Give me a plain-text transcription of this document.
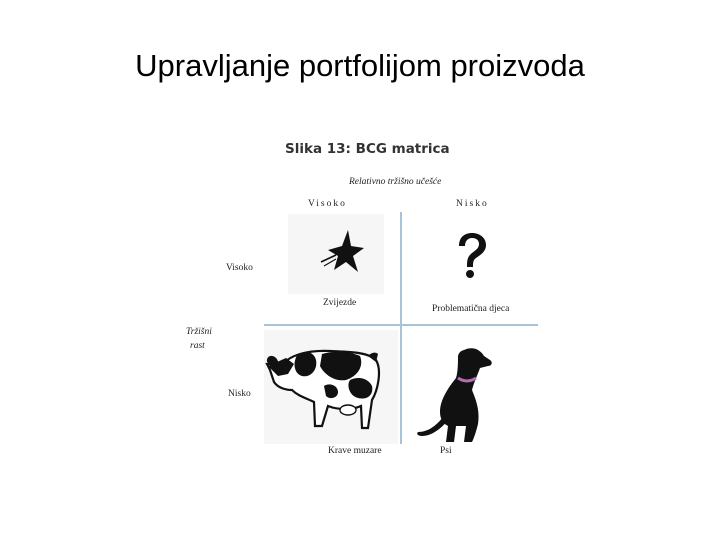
Upravljanje portfolijom proizvoda
Slika 13: BCG matrica
Relativno tržišno učešće
Visoko	Nisko
Tržišni
rast
Visoko
Nisko
Zvijezde
Problematična djeca
Krave muzare	Psi
